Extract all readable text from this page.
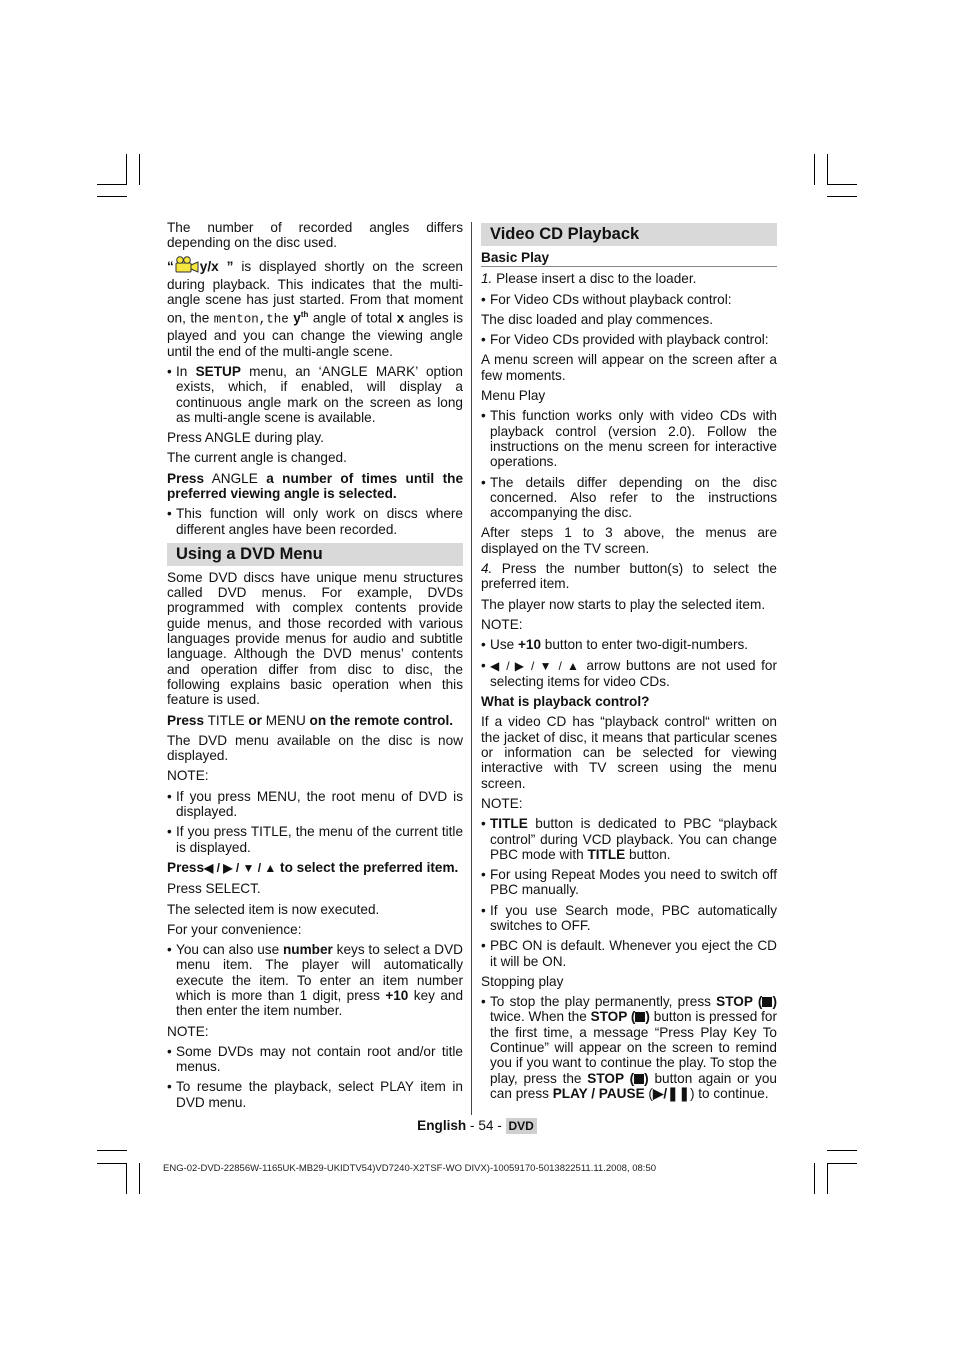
The number of recorded angles differs depending on the disc used.

“ y/x ” is displayed shortly on the screen during playback. This indicates that the multi-angle scene has just started. From that moment on, the menton,the $y^{th}$ angle of total x angles is played and you can change the viewing angle until the end of the multi-angle scene.

• In SETUP menu, an ‘ANGLE MARK’ option exists, which, if enabled, will display a continuous angle mark on the screen as long as multi-angle scene is available.

Press ANGLE during play.

The current angle is changed.

Press ANGLE a number of times until the preferred viewing angle is selected.

• This function will only work on discs where different angles have been recorded.
Using a DVD Menu

Some DVD discs have unique menu structures called DVD menus. For example, DVDs programmed with complex contents provide guide menus, and those recorded with various languages provide menus for audio and subtitle language. Although the DVD menus’ contents and operation differ from disc to disc, the following explains basic operation when this feature is used.

Press TITLE or MENU on the remote control.

The DVD menu available on the disc is now displayed.

NOTE:

• If you press MENU, the root menu of DVD is displayed.
• If you press TITLE, the menu of the current title is displayed.

Press◀ / ▶ / ▼ / ▲ to select the preferred item.

Press SELECT.

The selected item is now executed.

For your convenience:

• You can also use number keys to select a DVD menu item. The player will automatically execute the item. To enter an item number which is more than 1 digit, press +10 key and then enter the item number.

NOTE:

• Some DVDs may not contain root and/or title menus.
• To resume the playback, select PLAY item in DVD menu.
Video CD Playback
Basic Play

1. Please insert a disc to the loader.

• For Video CDs without playback control:

The disc loaded and play commences.

• For Video CDs provided with playback control:

A menu screen will appear on the screen after a few moments.

Menu Play

• This function works only with video CDs with playback control (version 2.0). Follow the instructions on the menu screen for interactive operations.
• The details differ depending on the disc concerned. Also refer to the instructions accompanying the disc.

After steps 1 to 3 above, the menus are displayed on the TV screen.

4. Press the number button(s) to select the preferred item.

The player now starts to play the selected item.

NOTE:

• Use +10 button to enter two-digit-numbers.
• ◀ / ▶ / ▼ / ▲ arrow buttons are not used for selecting items for video CDs.

What is playback control?

If a video CD has “playback control“ written on the jacket of disc, it means that particular scenes or information can be selected for viewing interactive with TV screen using the menu screen.

NOTE:

• TITLE button is dedicated to PBC “playback control” during VCD playback. You can change PBC mode with TITLE button.
• For using Repeat Modes you need to switch off PBC manually.
• If you use Search mode, PBC automatically switches to OFF.
• PBC ON is default. Whenever you eject the CD it will be ON.

Stopping play

• To stop the play permanently, press STOP ( ) twice. When the STOP ( ) button is pressed for the first time, a message “Press Play Key To Continue” will appear on the screen to remind you if you want to continue the play. To stop the play, press the STOP ( ) button again or you can press PLAY / PAUSE (▶/❚❚) to continue.
English - 54 - DVD
ENG-02-DVD-22856W-1165UK-MB29-UKIDTV54)VD7240-X2TSF-WO DIVX)-10059170-5013822511.11.2008, 08:50
